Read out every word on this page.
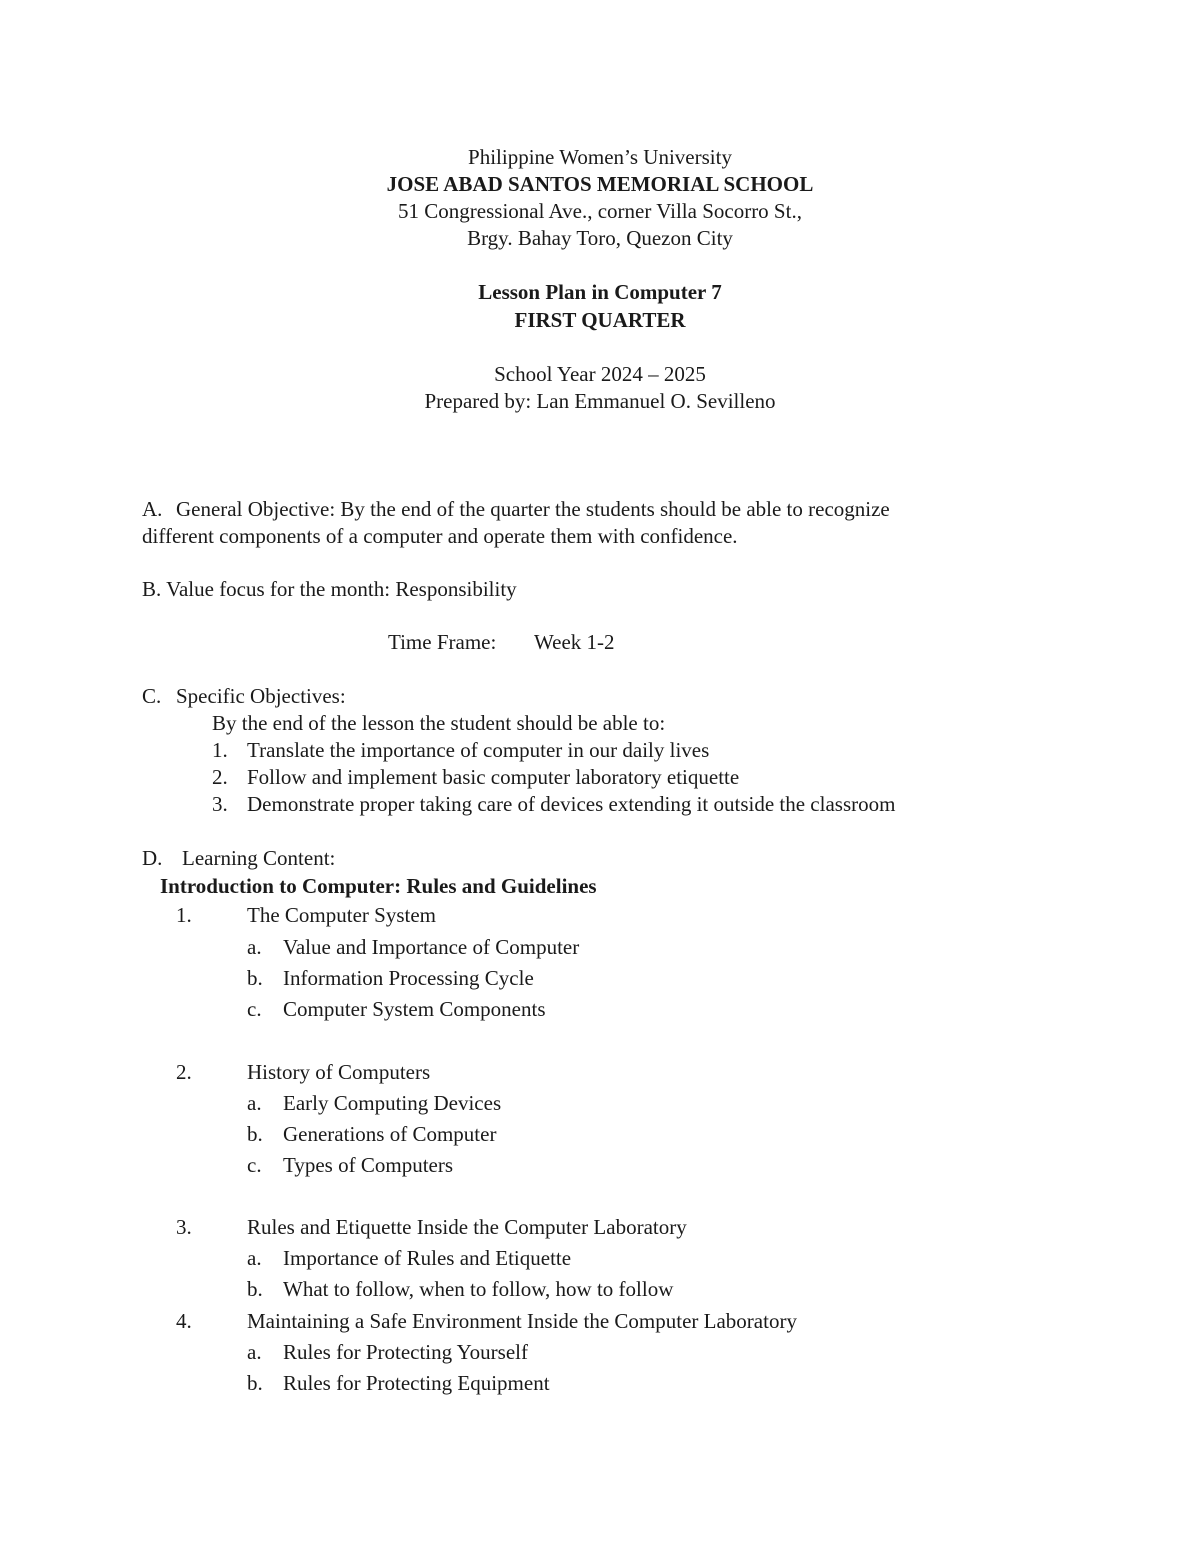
Philippine Women’s University
JOSE ABAD SANTOS MEMORIAL SCHOOL
51 Congressional Ave., corner Villa Socorro St.,
Brgy. Bahay Toro, Quezon City
Lesson Plan in Computer 7
FIRST QUARTER
School Year 2024 – 2025
Prepared by: Lan Emmanuel O. Sevilleno
A. General Objective: By the end of the quarter the students should be able to recognize
different components of a computer and operate them with confidence.
B. Value focus for the month: Responsibility
Time Frame: Week 1-2
C. Specific Objectives:
By the end of the lesson the student should be able to:
1. Translate the importance of computer in our daily lives
2. Follow and implement basic computer laboratory etiquette
3. Demonstrate proper taking care of devices extending it outside the classroom
D. Learning Content:
Introduction to Computer: Rules and Guidelines
1.	The Computer System
a. Value and Importance of Computer
b. Information Processing Cycle
c. Computer System Components
2.	History of Computers
a. Early Computing Devices
b. Generations of Computer
c. Types of Computers
3.	Rules and Etiquette Inside the Computer Laboratory
a. Importance of Rules and Etiquette
b. What to follow, when to follow, how to follow
4.	Maintaining a Safe Environment Inside the Computer Laboratory
a. Rules for Protecting Yourself
b. Rules for Protecting Equipment
